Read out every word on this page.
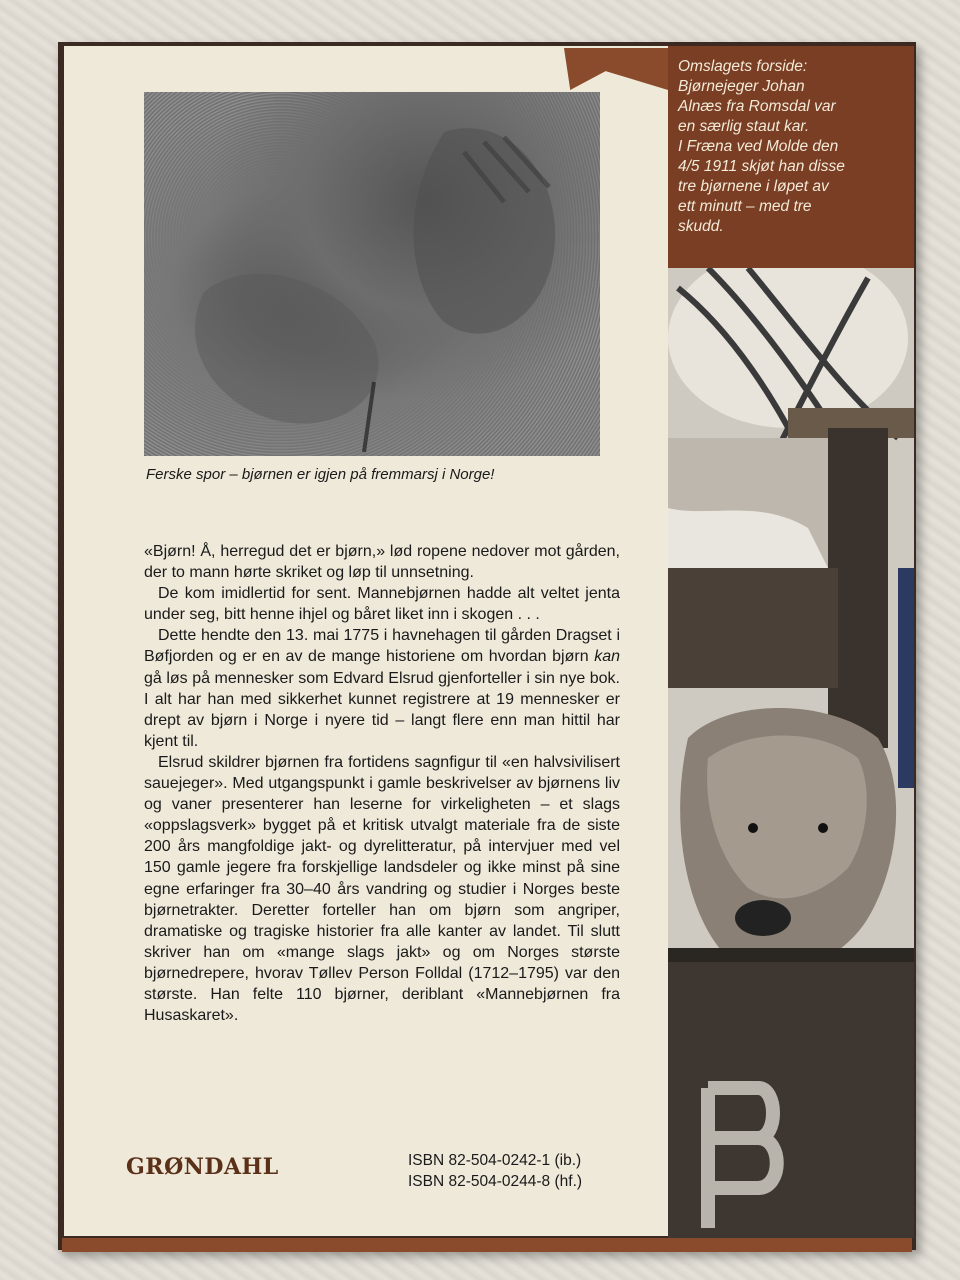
Ferske spor – bjørnen er igjen på fremmarsj i Norge!

«Bjørn! Å, herregud det er bjørn,» lød ropene nedover mot gården, der to mann hørte skriket og løp til unnsetning.

De kom imidlertid for sent. Mannebjørnen hadde alt veltet jenta under seg, bitt henne ihjel og båret liket inn i skogen . . .

Dette hendte den 13. mai 1775 i havnehagen til gården Dragset i Bøfjorden og er en av de mange historiene om hvordan bjørn kan gå løs på mennesker som Edvard Elsrud gjenforteller i sin nye bok. I alt har han med sikkerhet kunnet registrere at 19 mennesker er drept av bjørn i Norge i nyere tid – langt flere enn man hittil har kjent til.

Elsrud skildrer bjørnen fra fortidens sagnfigur til «en halvsivilisert sauejeger». Med utgangspunkt i gamle beskrivelser av bjørnens liv og vaner presenterer han leserne for virkeligheten – et slags «oppslagsverk» bygget på et kritisk utvalgt materiale fra de siste 200 års mangfoldige jakt- og dyrelitteratur, på intervjuer med vel 150 gamle jegere fra forskjellige landsdeler og ikke minst på sine egne erfaringer fra 30–40 års vandring og studier i Norges beste bjørnetrakter. Deretter forteller han om bjørn som angriper, dramatiske og tragiske historier fra alle kanter av landet. Til slutt skriver han om «mange slags jakt» og om Norges største bjørnedrepere, hvorav Tøllev Person Folldal (1712–1795) var den største. Han felte 110 bjørner, deriblant «Mannebjørnen fra Husaskaret».

GRØNDAHL	ISBN 82-504-0242-1 (ib.)
ISBN 82-504-0244-8 (hf.)
Omslagets forside:
Bjørnejeger Johan
Alnæs fra Romsdal var
en særlig staut kar.
I Fræna ved Molde den
4/5 1911 skjøt han disse
tre bjørnene i løpet av
ett minutt – med tre
skudd.
